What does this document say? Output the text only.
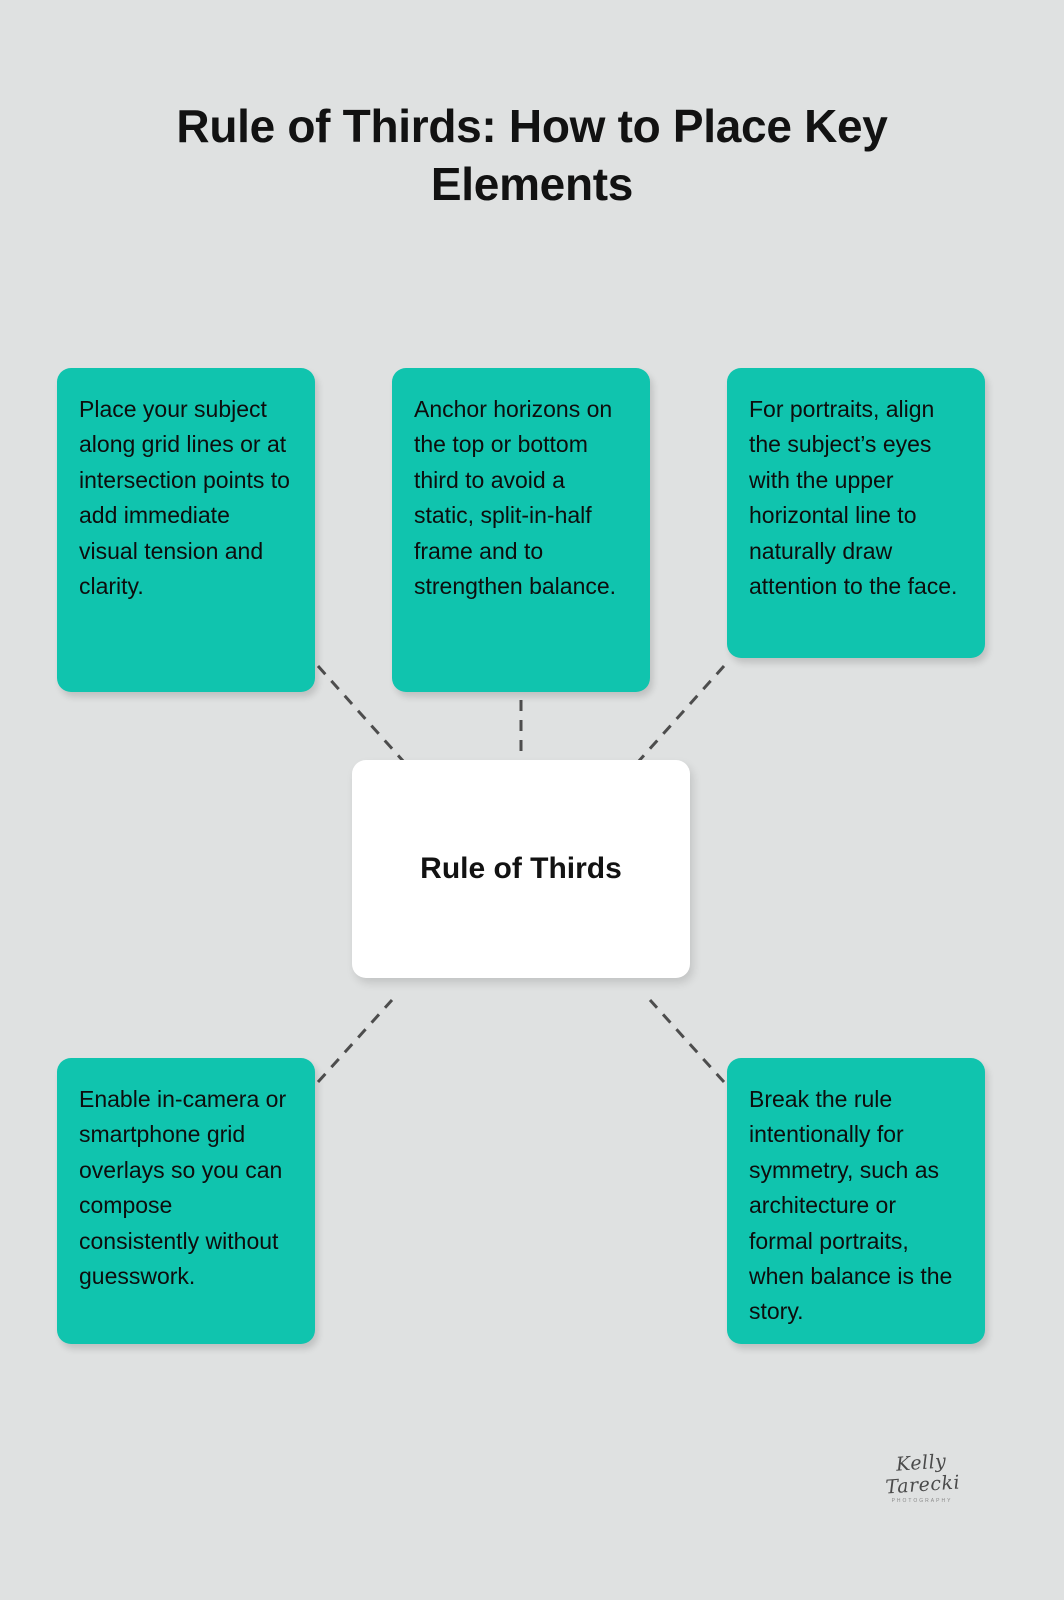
Rule of Thirds: How to Place Key Elements
Place your subject along grid lines or at intersection points to add immediate visual tension and clarity.
Anchor horizons on the top or bottom third to avoid a static, split-in-half frame and to strengthen balance.
For portraits, align the subject’s eyes with the upper horizontal line to naturally draw attention to the face.
Enable in-camera or smartphone grid overlays so you can compose consistently without guesswork.
Break the rule intentionally for symmetry, such as architecture or formal portraits, when balance is the story.
Rule of Thirds
Kelly Tarecki
PHOTOGRAPHY
